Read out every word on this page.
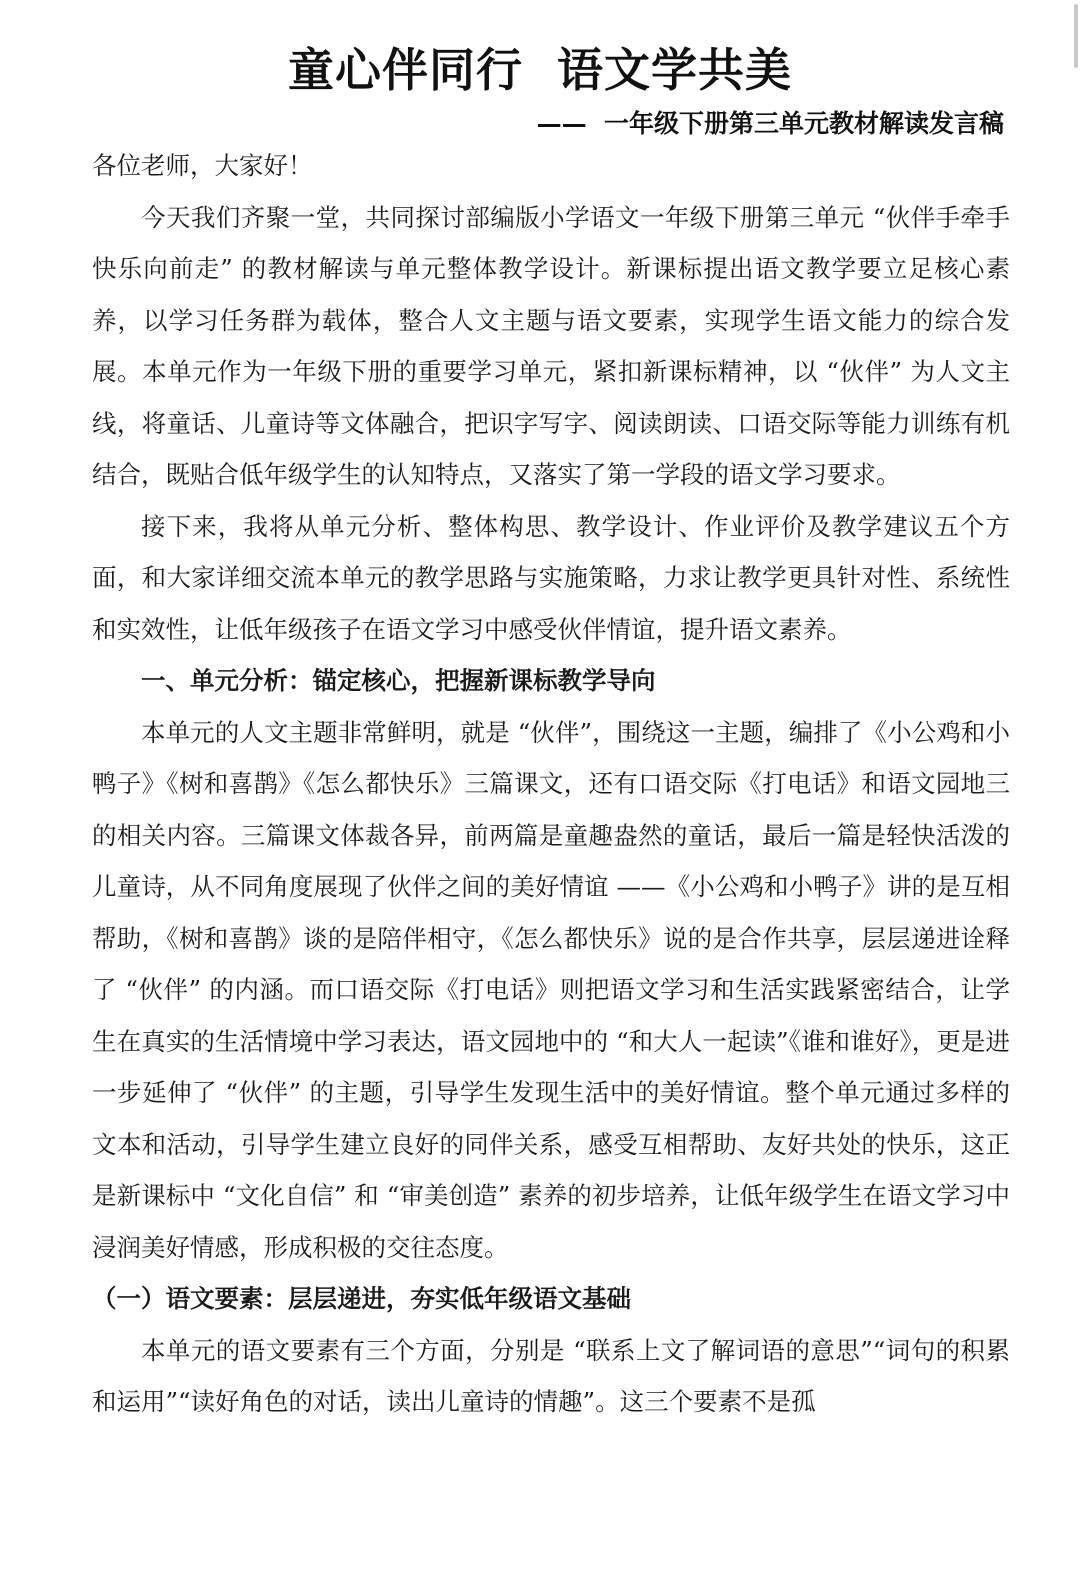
童心伴同行  语文学共美
——  一年级下册第三单元教材解读发言稿

各位老师，大家好！

今天我们齐聚一堂，共同探讨部编版小学语文一年级下册第三单元 “伙伴手牵手 快乐向前走” 的教材解读与单元整体教学设计。新课标提出语文教学要立足核心素养，以学习任务群为载体，整合人文主题与语文要素，实现学生语文能力的综合发展。本单元作为一年级下册的重要学习单元，紧扣新课标精神，以 “伙伴” 为人文主线，将童话、儿童诗等文体融合，把识字写字、阅读朗读、口语交际等能力训练有机结合，既贴合低年级学生的认知特点，又落实了第一学段的语文学习要求。

接下来，我将从单元分析、整体构思、教学设计、作业评价及教学建议五个方面，和大家详细交流本单元的教学思路与实施策略，力求让教学更具针对性、系统性和实效性，让低年级孩子在语文学习中感受伙伴情谊，提升语文素养。

一、单元分析：锚定核心，把握新课标教学导向

本单元的人文主题非常鲜明，就是 “伙伴”，围绕这一主题，编排了《小公鸡和小鸭子》《树和喜鹊》《怎么都快乐》三篇课文，还有口语交际《打电话》和语文园地三的相关内容。三篇课文体裁各异，前两篇是童趣盎然的童话，最后一篇是轻快活泼的儿童诗，从不同角度展现了伙伴之间的美好情谊 ——《小公鸡和小鸭子》讲的是互相帮助，《树和喜鹊》谈的是陪伴相守，《怎么都快乐》说的是合作共享，层层递进诠释了 “伙伴” 的内涵。而口语交际《打电话》则把语文学习和生活实践紧密结合，让学生在真实的生活情境中学习表达，语文园地中的 “和大人一起读”《谁和谁好》，更是进一步延伸了 “伙伴” 的主题，引导学生发现生活中的美好情谊。整个单元通过多样的文本和活动，引导学生建立良好的同伴关系，感受互相帮助、友好共处的快乐，这正是新课标中 “文化自信” 和 “审美创造” 素养的初步培养，让低年级学生在语文学习中浸润美好情感，形成积极的交往态度。

（一）语文要素：层层递进，夯实低年级语文基础

本单元的语文要素有三个方面，分别是 “联系上文了解词语的意思”“词句的积累和运用”“读好角色的对话，读出儿童诗的情趣”。这三个要素不是孤
